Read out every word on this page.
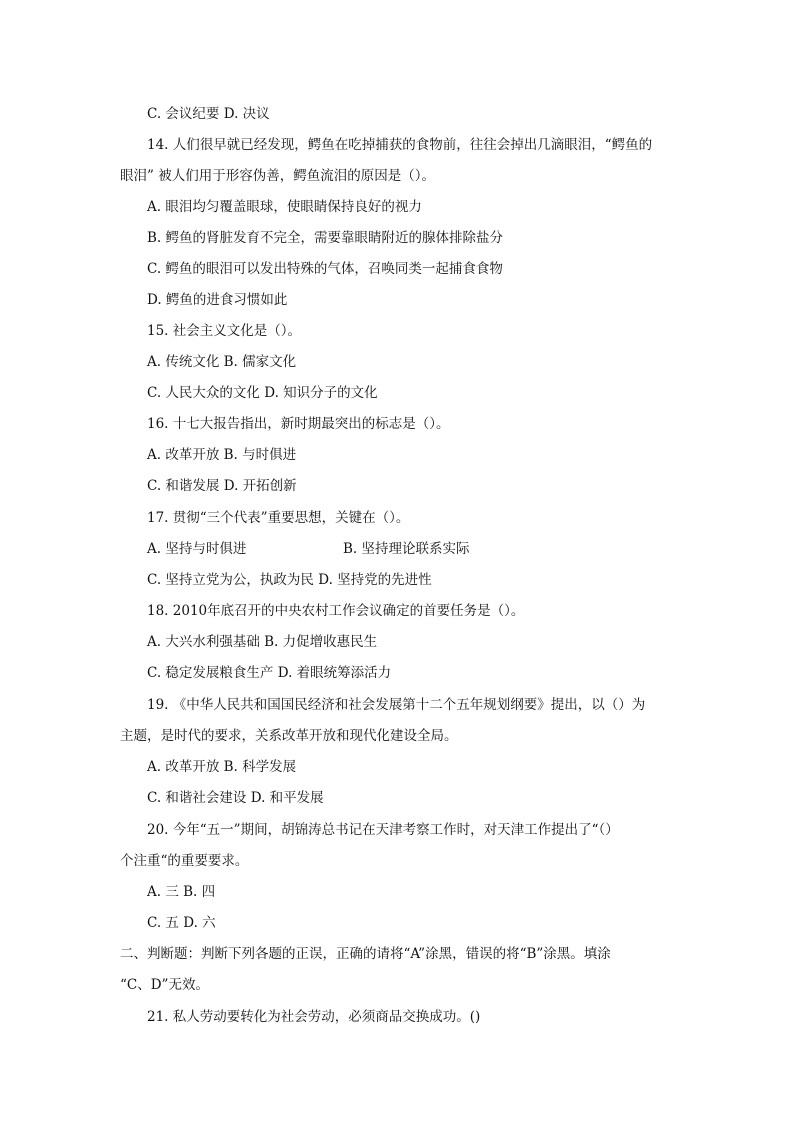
C. 会议纪要 D. 决议
14. 人们很早就已经发现，鳄鱼在吃掉捕获的食物前，往往会掉出几滴眼泪，“鳄鱼的
眼泪” 被人们用于形容伪善，鳄鱼流泪的原因是（）。
A. 眼泪均匀覆盖眼球，使眼睛保持良好的视力
B. 鳄鱼的肾脏发育不完全，需要靠眼睛附近的腺体排除盐分
C. 鳄鱼的眼泪可以发出特殊的气体，召唤同类一起捕食食物
D. 鳄鱼的进食习惯如此
15. 社会主义文化是（）。
A. 传统文化 B. 儒家文化
C. 人民大众的文化 D. 知识分子的文化
16. 十七大报告指出，新时期最突出的标志是（）。
A. 改革开放 B. 与时俱进
C. 和谐发展 D. 开拓创新
17. 贯彻“三个代表”重要思想，关键在（）。
A. 坚持与时俱进	B. 坚持理论联系实际
C. 坚持立党为公，执政为民 D. 坚持党的先进性
18. 2010年底召开的中央农村工作会议确定的首要任务是（）。
A. 大兴水利强基础 B. 力促增收惠民生
C. 稳定发展粮食生产 D. 着眼统筹添活力
19. 《中华人民共和国国民经济和社会发展第十二个五年规划纲要》提出，以（）为
主题，是时代的要求，关系改革开放和现代化建设全局。
A. 改革开放 B. 科学发展
C. 和谐社会建设 D. 和平发展
20. 今年“五一”期间，胡锦涛总书记在天津考察工作时，对天津工作提出了“（）
个注重“的重要要求。
A. 三 B. 四
C. 五 D. 六
二、判断题：判断下列各题的正误，正确的请将“A”涂黑，错误的将“B”涂黑。填涂
“C、D”无效。
21. 私人劳动要转化为社会劳动，必须商品交换成功。()
